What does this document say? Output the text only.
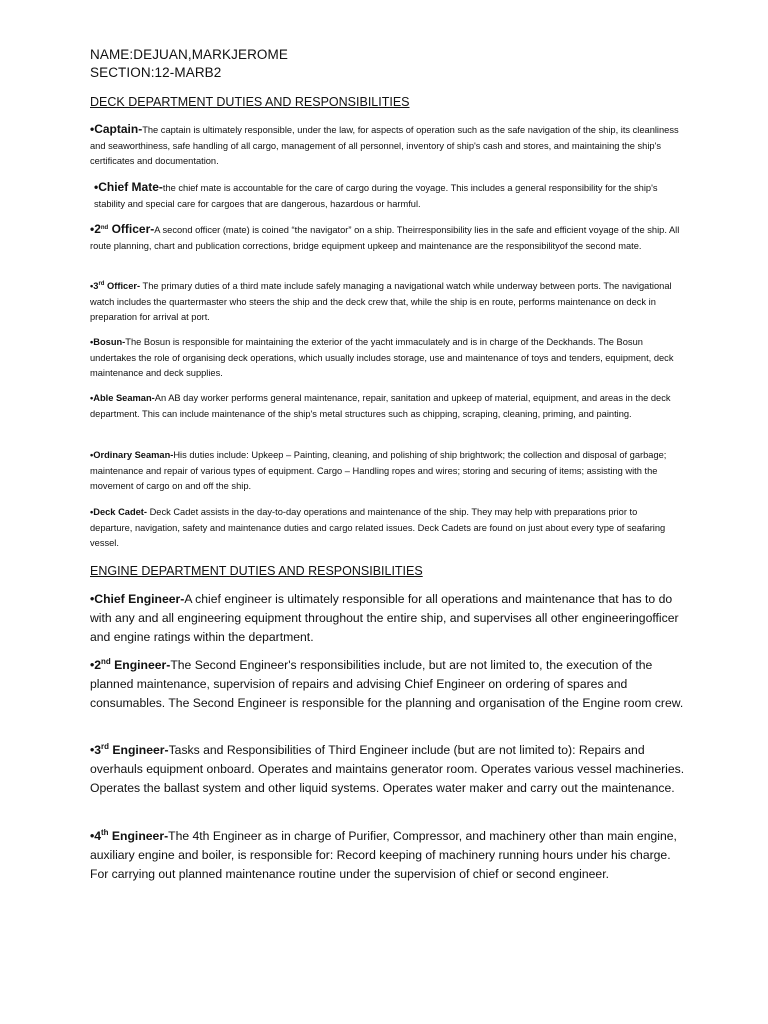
NAME:DEJUAN,MARKJEROME
SECTION:12-MARB2
DECK DEPARTMENT DUTIES AND RESPONSIBILITIES

•Captain-The captain is ultimately responsible, under the law, for aspects of operation such as the safe navigation of the ship, its cleanliness and seaworthiness, safe handling of all cargo, management of all personnel, inventory of ship's cash and stores, and maintaining the ship's certificates and documentation.

•Chief Mate-the chief mate is accountable for the care of cargo during the voyage. This includes a general responsibility for the ship's stability and special care for cargoes that are dangerous, hazardous or harmful.

•2nd Officer-A second officer (mate) is coined “the navigator” on a ship. Theirresponsibility lies in the safe and efficient voyage of the ship. All route planning, chart and publication corrections, bridge equipment upkeep and maintenance are the responsibilityof the second mate.

•3rd Officer- The primary duties of a third mate include safely managing a navigational watch while underway between ports. The navigational watch includes the quartermaster who steers the ship and the deck crew that, while the ship is en route, performs maintenance on deck in preparation for arrival at port.

•Bosun-The Bosun is responsible for maintaining the exterior of the yacht immaculately and is in charge of the Deckhands. The Bosun undertakes the role of organising deck operations, which usually includes storage, use and maintenance of toys and tenders, equipment, deck maintenance and deck supplies.

•Able Seaman-An AB day worker performs general maintenance, repair, sanitation and upkeep of material, equipment, and areas in the deck department. This can include maintenance of the ship's metal structures such as chipping, scraping, cleaning, priming, and painting.

•Ordinary Seaman-His duties include: Upkeep – Painting, cleaning, and polishing of ship brightwork; the collection and disposal of garbage; maintenance and repair of various types of equipment. Cargo – Handling ropes and wires; storing and securing of items; assisting with the movement of cargo on and off the ship.

•Deck Cadet- Deck Cadet assists in the day-to-day operations and maintenance of the ship. They may help with preparations prior to departure, navigation, safety and maintenance duties and cargo related issues. Deck Cadets are found on just about every type of seafaring vessel.

ENGINE DEPARTMENT DUTIES AND RESPONSIBILITIES

•Chief Engineer-A chief engineer is ultimately responsible for all operations and maintenance that has to do with any and all engineering equipment throughout the entire ship, and supervises all other engineeringofficer and engine ratings within the department.

•2nd Engineer-The Second Engineer's responsibilities include, but are not limited to, the execution of the planned maintenance, supervision of repairs and advising Chief Engineer on ordering of spares and consumables. The Second Engineer is responsible for the planning and organisation of the Engine room crew.

•3rd Engineer-Tasks and Responsibilities of Third Engineer include (but are not limited to): Repairs and overhauls equipment onboard. Operates and maintains generator room. Operates various vessel machineries. Operates the ballast system and other liquid systems. Operates water maker and carry out the maintenance.

•4th Engineer-The 4th Engineer as in charge of Purifier, Compressor, and machinery other than main engine, auxiliary engine and boiler, is responsible for: Record keeping of machinery running hours under his charge. For carrying out planned maintenance routine under the supervision of chief or second engineer.
